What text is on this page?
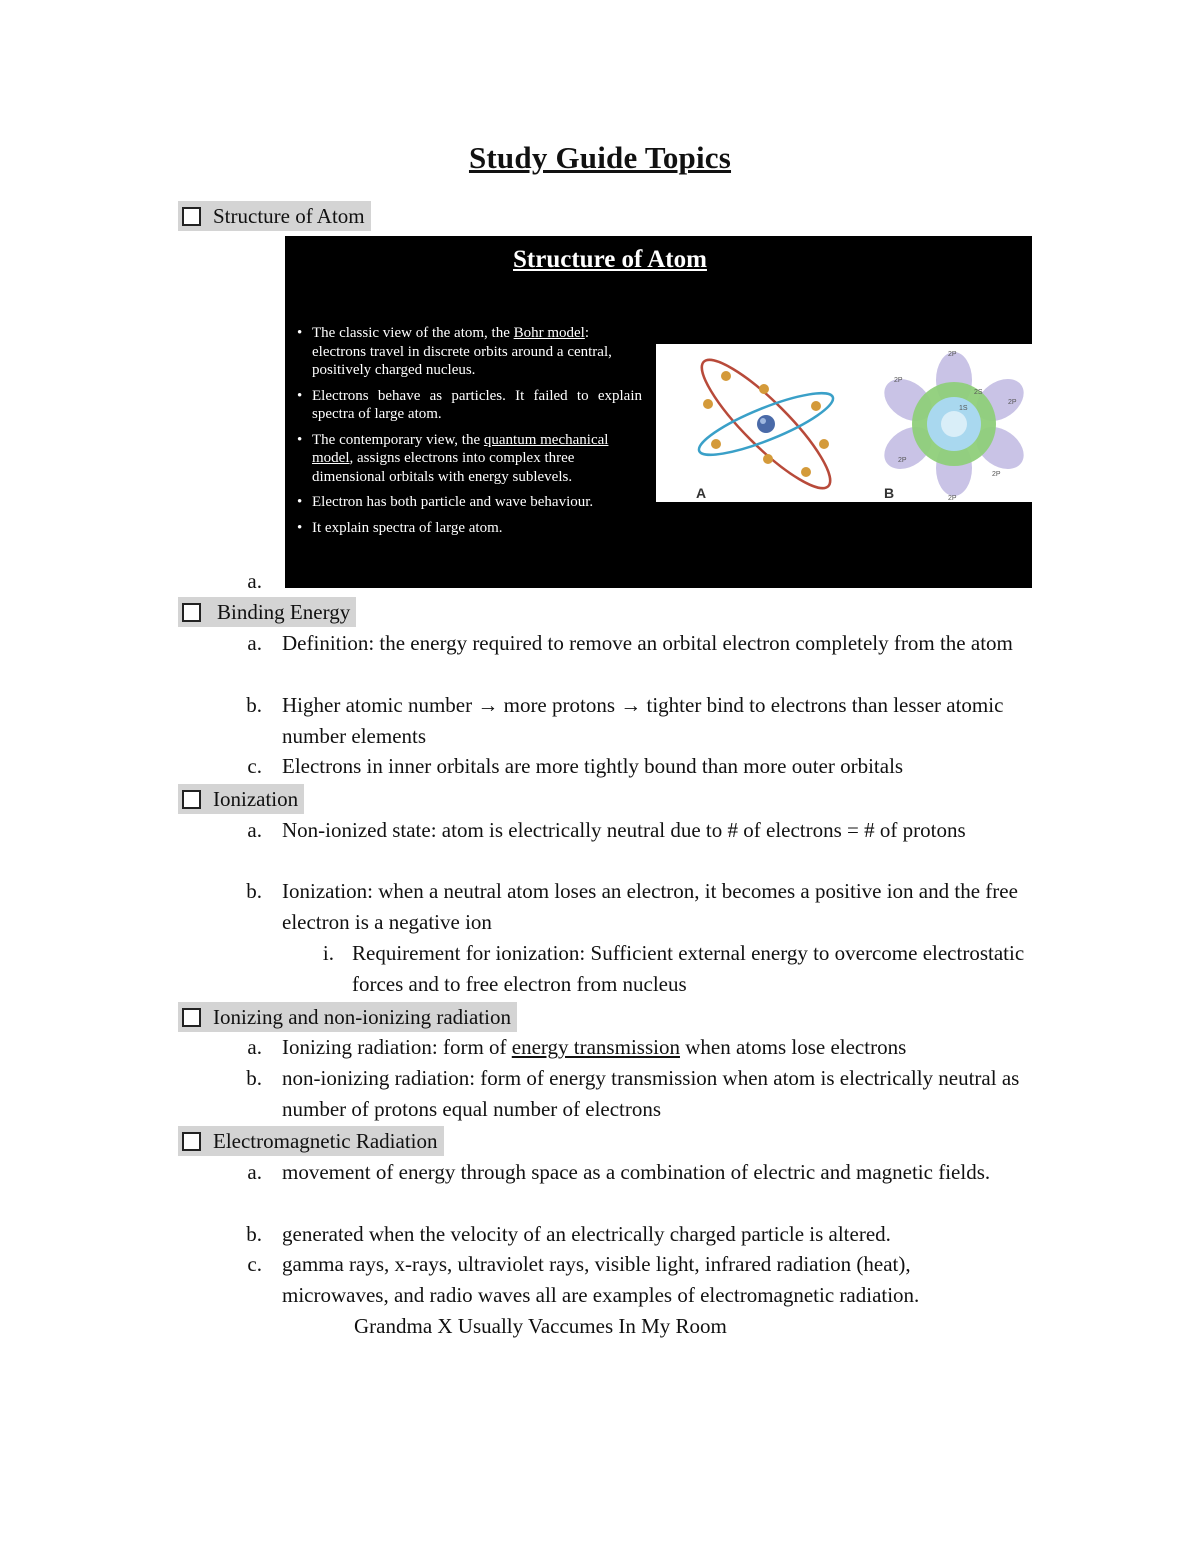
Study Guide Topics
Structure of Atom
Structure of Atom
• The classic view of the atom, the Bohr model: electrons travel in discrete orbits around a central, positively charged nucleus.
• Electrons behave as particles. It failed to explain spectra of large atom.
• The contemporary view, the quantum mechanical model, assigns electrons into complex three dimensional orbitals with energy sublevels.
• Electron has both particle and wave behaviour.
• It explain spectra of large atom.
A
2P
2P
2P
2P
2P
2P
2S
1S
B
a.
Binding Energy
a. Definition: the energy required to remove an orbital electron completely from the atom
b. Higher atomic number → more protons → tighter bind to electrons than lesser atomic number elements
c. Electrons in inner orbitals are more tightly bound than more outer orbitals
Ionization
a. Non-ionized state: atom is electrically neutral due to # of electrons = # of protons
b. Ionization: when a neutral atom loses an electron, it becomes a positive ion and the free electron is a negative ion
i. Requirement for ionization: Sufficient external energy to overcome electrostatic forces and to free electron from nucleus
Ionizing and non-ionizing radiation
a. Ionizing radiation: form of energy transmission when atoms lose electrons
b. non-ionizing radiation: form of energy transmission when atom is electrically neutral as number of protons equal number of electrons
Electromagnetic Radiation
a. movement of energy through space as a combination of electric and magnetic fields.
b. generated when the velocity of an electrically charged particle is altered.
c. gamma rays, x-rays, ultraviolet rays, visible light, infrared radiation (heat), microwaves, and radio waves all are examples of electromagnetic radiation.
Grandma X Usually Vaccumes In My Room
